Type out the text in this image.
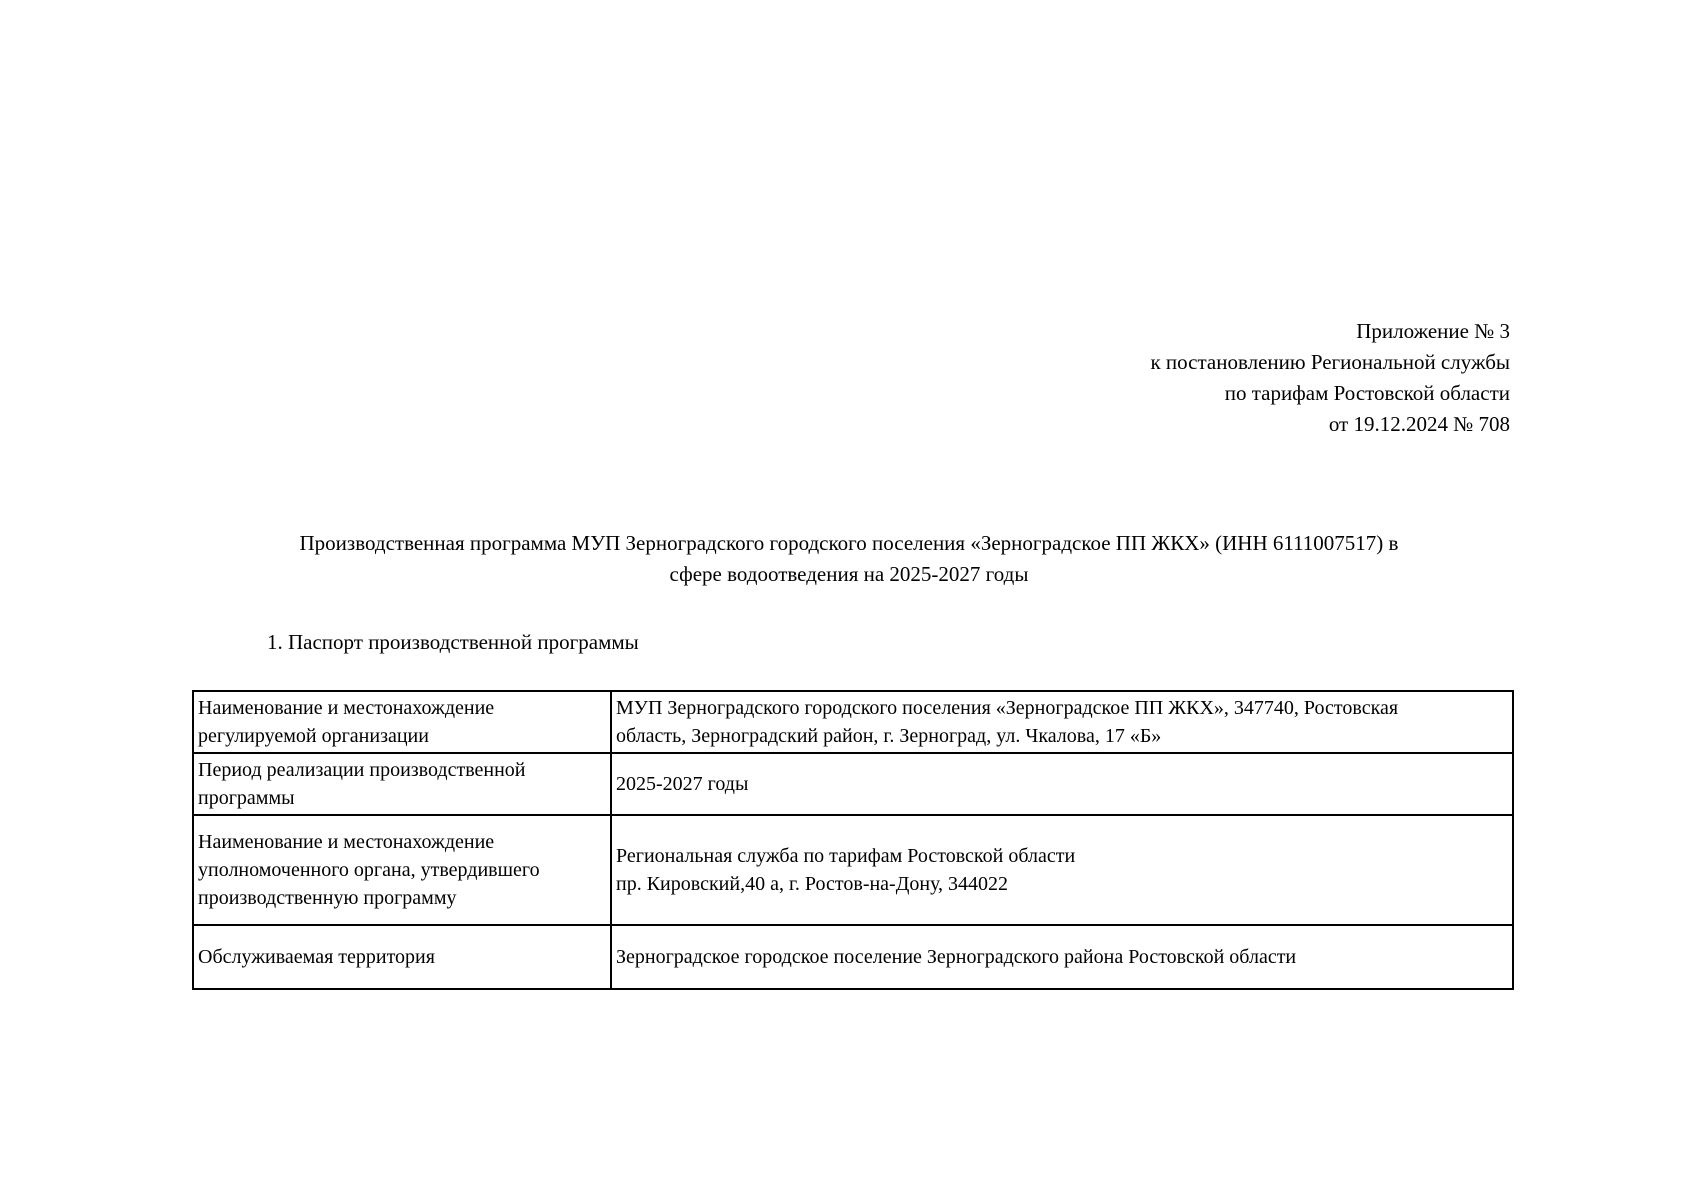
Приложение № 3
к постановлению Региональной службы
по тарифам Ростовской области
от 19.12.2024 № 708
Производственная программа МУП Зерноградского городского поселения «Зерноградское ПП ЖКХ» (ИНН 6111007517) в
сфере водоотведения на 2025-2027 годы
1. Паспорт производственной программы
Наименование и местонахождение
регулируемой организации	МУП Зерноградского городского поселения «Зерноградское ПП ЖКХ», 347740, Ростовская
область, Зерноградский район, г. Зерноград, ул. Чкалова, 17 «Б»

Период реализации производственной
программы	2025-2027 годы

Наименование и местонахождение
уполномоченного органа, утвердившего
производственную программу	Региональная служба по тарифам Ростовской области
пр. Кировский,40 а, г. Ростов-на-Дону, 344022

Обслуживаемая территория	Зерноградское городское поселение Зерноградского района Ростовской области
